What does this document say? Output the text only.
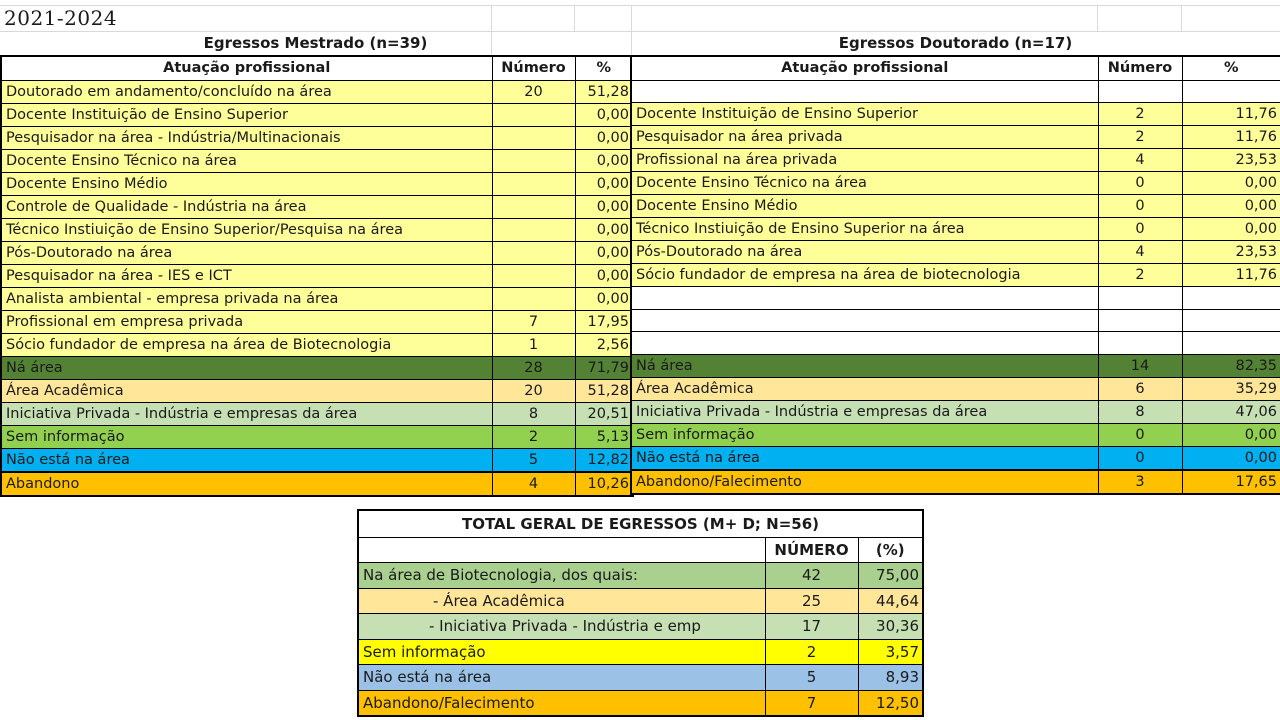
2021-2024
Egressos Mestrado (n=39)	Egressos Doutorado (n=17)
Atuação profissional	Número	%
Doutorado em andamento/concluído na área	20	51,28
Docente Instituição de Ensino Superior		0,00
Pesquisador na área - Indústria/Multinacionais		0,00
Docente Ensino Técnico na área		0,00
Docente Ensino Médio		0,00
Controle de Qualidade - Indústria na área		0,00
Técnico Instiuição de Ensino Superior/Pesquisa na área		0,00
Pós-Doutorado na área		0,00
Pesquisador na área - IES e ICT		0,00
Analista ambiental - empresa privada na área		0,00
Profissional em empresa privada	7	17,95
Sócio fundador de empresa na área de Biotecnologia	1	2,56
Ná área	28	71,79
Área Acadêmica	20	51,28
Iniciativa Privada - Indústria e empresas da área	8	20,51
Sem informação	2	5,13
Não está na área	5	12,82
Abandono	4	10,26
Atuação profissional	Número	%

Docente Instituição de Ensino Superior	2	11,76
Pesquisador na área privada	2	11,76
Profissional na área privada	4	23,53
Docente Ensino Técnico na área	0	0,00
Docente Ensino Médio	0	0,00
Técnico Instiuição de Ensino Superior na área	0	0,00
Pós-Doutorado na área	4	23,53
Sócio fundador de empresa na área de biotecnologia	2	11,76

Ná área	14	82,35
Área Acadêmica	6	35,29
Iniciativa Privada - Indústria e empresas da área	8	47,06
Sem informação	0	0,00
Não está na área	0	0,00
Abandono/Falecimento	3	17,65
TOTAL GERAL DE EGRESSOS (M+ D; N=56)		
	NÚMERO	(%)
Na área de Biotecnologia, dos quais:	42	75,00
- Área Acadêmica	25	44,64
- Iniciativa Privada - Indústria e emp	17	30,36
Sem informação	2	3,57
Não está na área	5	8,93
Abandono/Falecimento	7	12,50
